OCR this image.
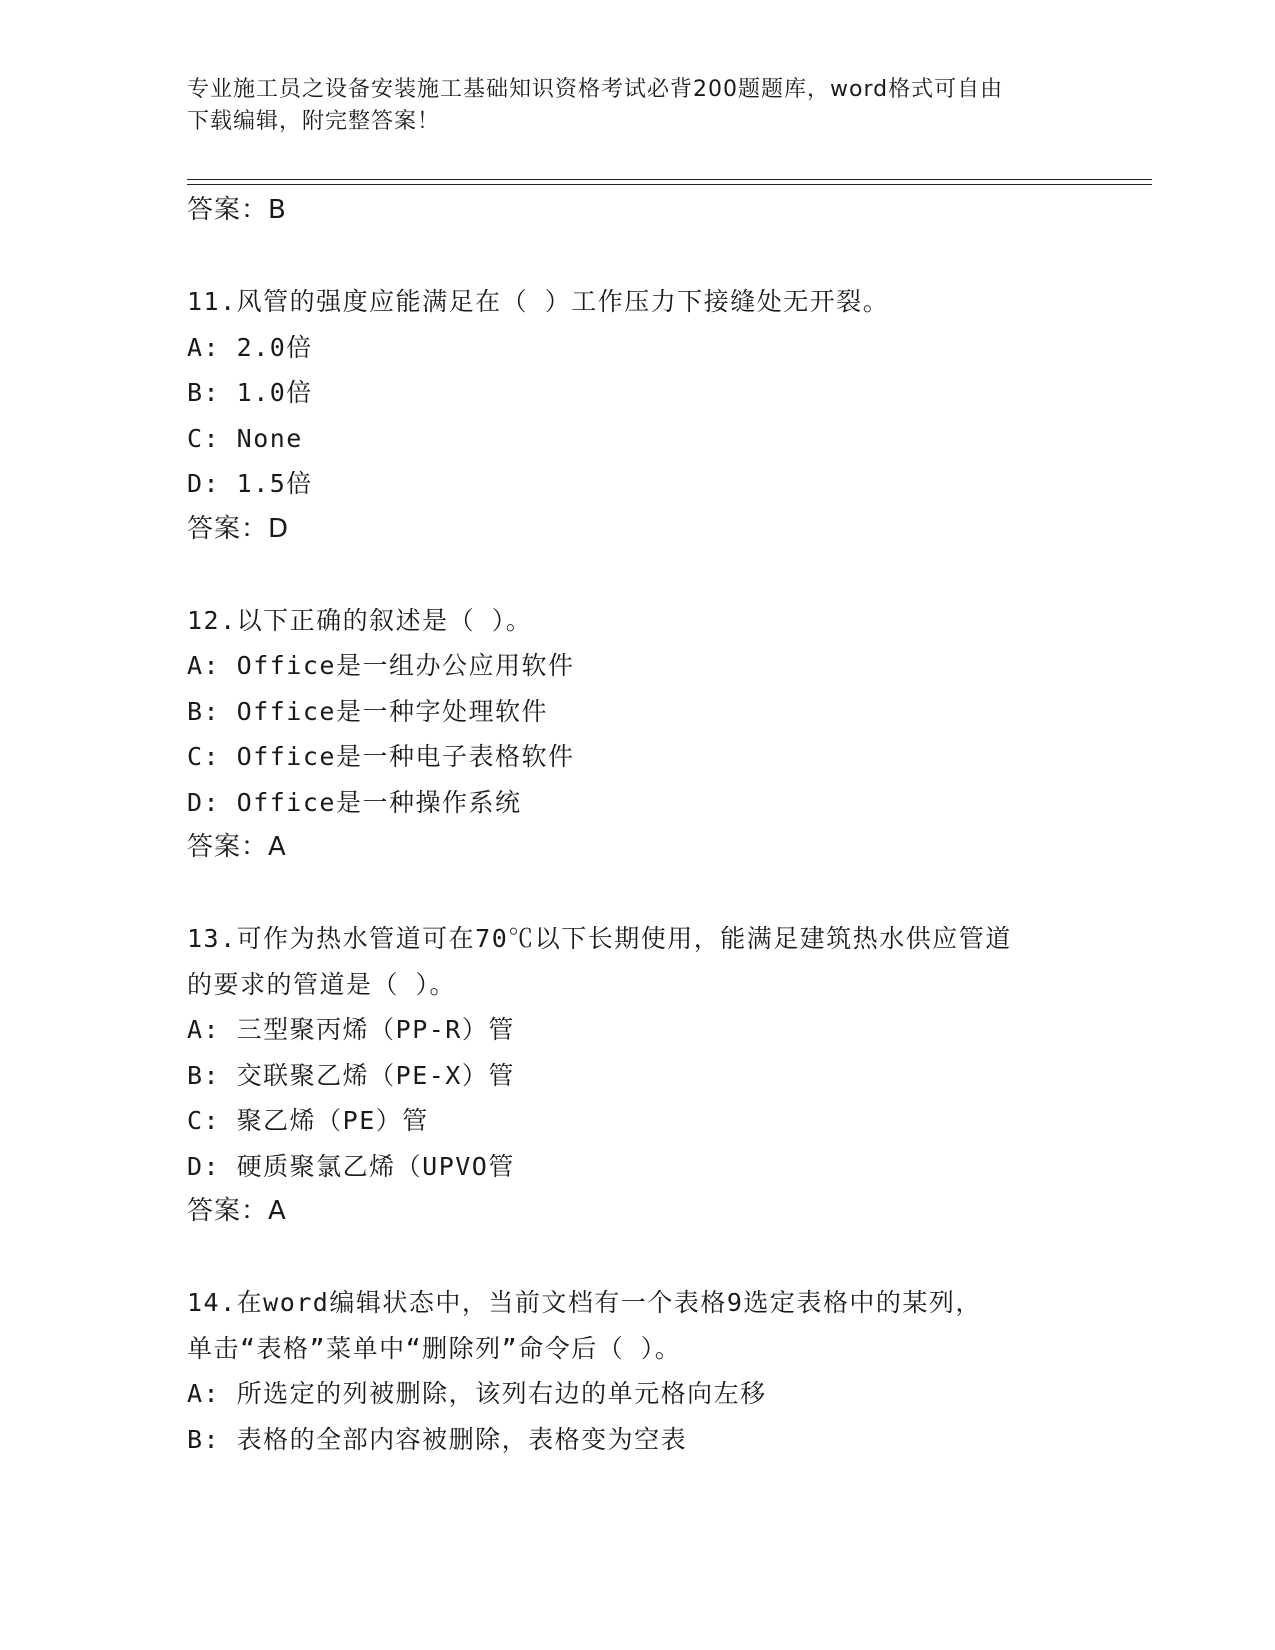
专业施工员之设备安装施工基础知识资格考试必背200题题库，word格式可自由
下载编辑，附完整答案！
答案：B
11.风管的强度应能满足在（ ）工作压力下接缝处无开裂。
A: 2.0倍
B: 1.0倍
C: None
D: 1.5倍
答案：D
12.以下正确的叙述是（ ）。
A: Office是一组办公应用软件
B: Office是一种字处理软件
C: Office是一种电子表格软件
D: Office是一种操作系统
答案：A
13.可作为热水管道可在70℃以下长期使用，能满足建筑热水供应管道
的要求的管道是（ ）。
A: 三型聚丙烯（PP-R）管
B: 交联聚乙烯（PE-X）管
C: 聚乙烯（PE）管
D: 硬质聚氯乙烯（UPVO管
答案：A
14.在word编辑状态中，当前文档有一个表格9选定表格中的某列，
单击“表格”菜单中“删除列”命令后（ ）。
A: 所选定的列被删除，该列右边的单元格向左移
B: 表格的全部内容被删除，表格变为空表
